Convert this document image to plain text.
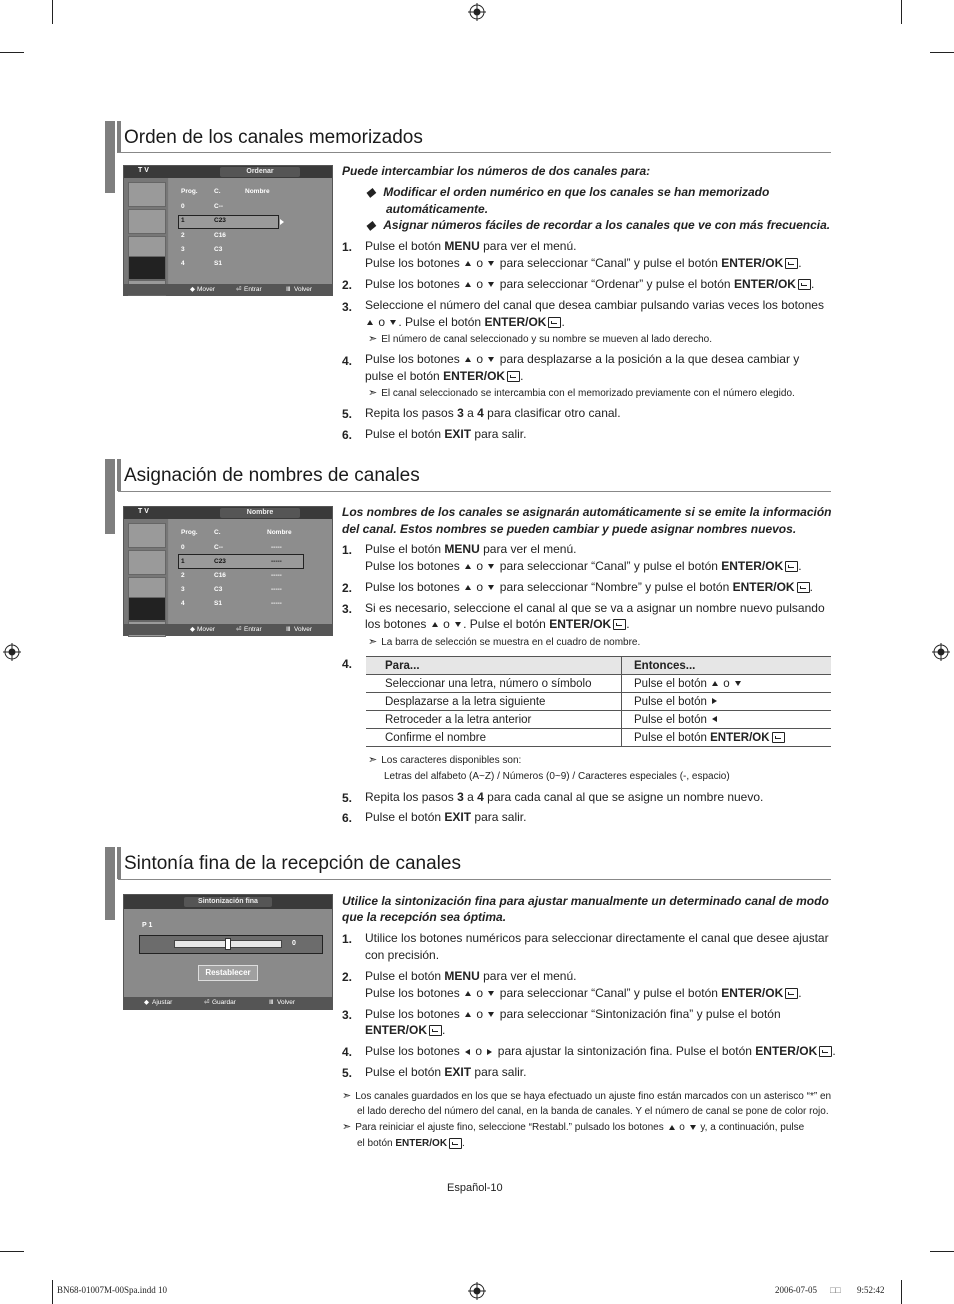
Orden de los canales memorizados
T V	Ordenar
Prog.	C.	Nombre
0	C--
1	C23
2	C16
3	C3
4	S1
◆ Mover	⏎ Entrar	Ⅲ Volver
Puede intercambiar los números de dos canales para:
◆ Modificar el orden numérico en que los canales se han memorizado
automáticamente.
◆ Asignar números fáciles de recordar a los canales que ve con más frecuencia.
1. Pulse el botón MENU para ver el menú.
Pulse los botones o para seleccionar “Canal” y pulse el botón ENTER/OK .
2. Pulse los botones o para seleccionar “Ordenar” y pulse el botón ENTER/OK .
3. Seleccione el número del canal que desea cambiar pulsando varias veces los botones
o . Pulse el botón ENTER/OK .
➣ El número de canal seleccionado y su nombre se mueven al lado derecho.
4. Pulse los botones o para desplazarse a la posición a la que desea cambiar y
pulse el botón ENTER/OK .
➣ El canal seleccionado se intercambia con el memorizado previamente con el número elegido.
5. Repita los pasos 3 a 4 para clasificar otro canal.
6. Pulse el botón EXIT para salir.
Asignación de nombres de canales
T V	Nombre
Prog.	C.	Nombre
0	C--	-----
1	C23	-----
2	C16	-----
3	C3	-----
4	S1	-----
◆ Mover	⏎ Entrar	Ⅲ Volver
Los nombres de los canales se asignarán automáticamente si se emite la información
del canal. Estos nombres se pueden cambiar y puede asignar nombres nuevos.
1. Pulse el botón MENU para ver el menú.
Pulse los botones o para seleccionar “Canal” y pulse el botón ENTER/OK .
2. Pulse los botones o para seleccionar “Nombre” y pulse el botón ENTER/OK .
3. Si es necesario, seleccione el canal al que se va a asignar un nombre nuevo pulsando
los botones o . Pulse el botón ENTER/OK .
➣ La barra de selección se muestra en el cuadro de nombre.
4.	Para...	Entonces...
Seleccionar una letra, número o símbolo	Pulse el botón o
Desplazarse a la letra siguiente	Pulse el botón
Retroceder a la letra anterior	Pulse el botón
Confirme el nombre	Pulse el botón ENTER/OK
➣ Los caracteres disponibles son:
Letras del alfabeto (A~Z) / Números (0~9) / Caracteres especiales (-, espacio)
5. Repita los pasos 3 a 4 para cada canal al que se asigne un nombre nuevo.
6. Pulse el botón EXIT para salir.
Sintonía fina de la recepción de canales
Sintonización fina
P 1
0
Restablecer
◆ Ajustar	⏎ Guardar	Ⅲ Volver
Utilice la sintonización fina para ajustar manualmente un determinado canal de modo
que la recepción sea óptima.
1. Utilice los botones numéricos para seleccionar directamente el canal que desee ajustar
con precisión.
2. Pulse el botón MENU para ver el menú.
Pulse los botones o para seleccionar “Canal” y pulse el botón ENTER/OK .
3. Pulse los botones o para seleccionar “Sintonización fina” y pulse el botón
ENTER/OK .
4. Pulse los botones o para ajustar la sintonización fina. Pulse el botón ENTER/OK .
5. Pulse el botón EXIT para salir.
➣ Los canales guardados en los que se haya efectuado un ajuste fino están marcados con un asterisco “*” en
el lado derecho del número del canal, en la banda de canales. Y el número de canal se pone de color rojo.
➣ Para reiniciar el ajuste fino, seleccione “Restabl.” pulsado los botones o y, a continuación, pulse
el botón ENTER/OK .
Español-10
BN68-01007M-00Spa.indd 10	2006-07-05 □□ 9:52:42
